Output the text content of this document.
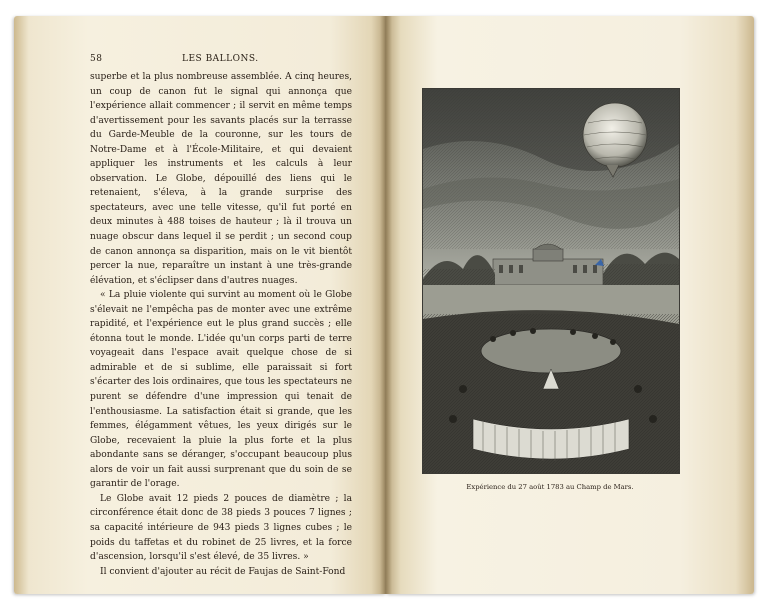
58	LES BALLONS.

superbe et la plus nombreuse assemblée. A cinq heures, un coup de canon fut le signal qui annonça que l'expérience allait commencer ; il servit en même temps d'avertissement pour les savants placés sur la terrasse du Garde-Meuble de la couronne, sur les tours de Notre-Dame et à l'École-Militaire, et qui devaient appliquer les instruments et les calculs à leur observation. Le Globe, dépouillé des liens qui le retenaient, s'éleva, à la grande surprise des spectateurs, avec une telle vitesse, qu'il fut porté en deux minutes à 488 toises de hauteur ; là il trouva un nuage obscur dans lequel il se perdit ; un second coup de canon annonça sa disparition, mais on le vit bientôt percer la nue, reparaître un instant à une très-grande élévation, et s'éclipser dans d'autres nuages.

« La pluie violente qui survint au moment où le Globe s'élevait ne l'empêcha pas de monter avec une extrême rapidité, et l'expérience eut le plus grand succès ; elle étonna tout le monde. L'idée qu'un corps parti de terre voyageait dans l'espace avait quelque chose de si admirable et de si sublime, elle paraissait si fort s'écarter des lois ordinaires, que tous les spectateurs ne purent se défendre d'une impression qui tenait de l'enthousiasme. La satisfaction était si grande, que les femmes, élégamment vêtues, les yeux dirigés sur le Globe, recevaient la pluie la plus forte et la plus abondante sans se déranger, s'occupant beaucoup plus alors de voir un fait aussi surprenant que du soin de se garantir de l'orage.

Le Globe avait 12 pieds 2 pouces de diamètre ; la circonférence était donc de 38 pieds 3 pouces 7 lignes ; sa capacité intérieure de 943 pieds 3 lignes cubes ; le poids du taffetas et du robinet de 25 livres, et la force d'ascension, lorsqu'il s'est élevé, de 35 livres. »

Il convient d'ajouter au récit de Faujas de Saint-Fond

Expérience du 27 août 1783 au Champ de Mars.
